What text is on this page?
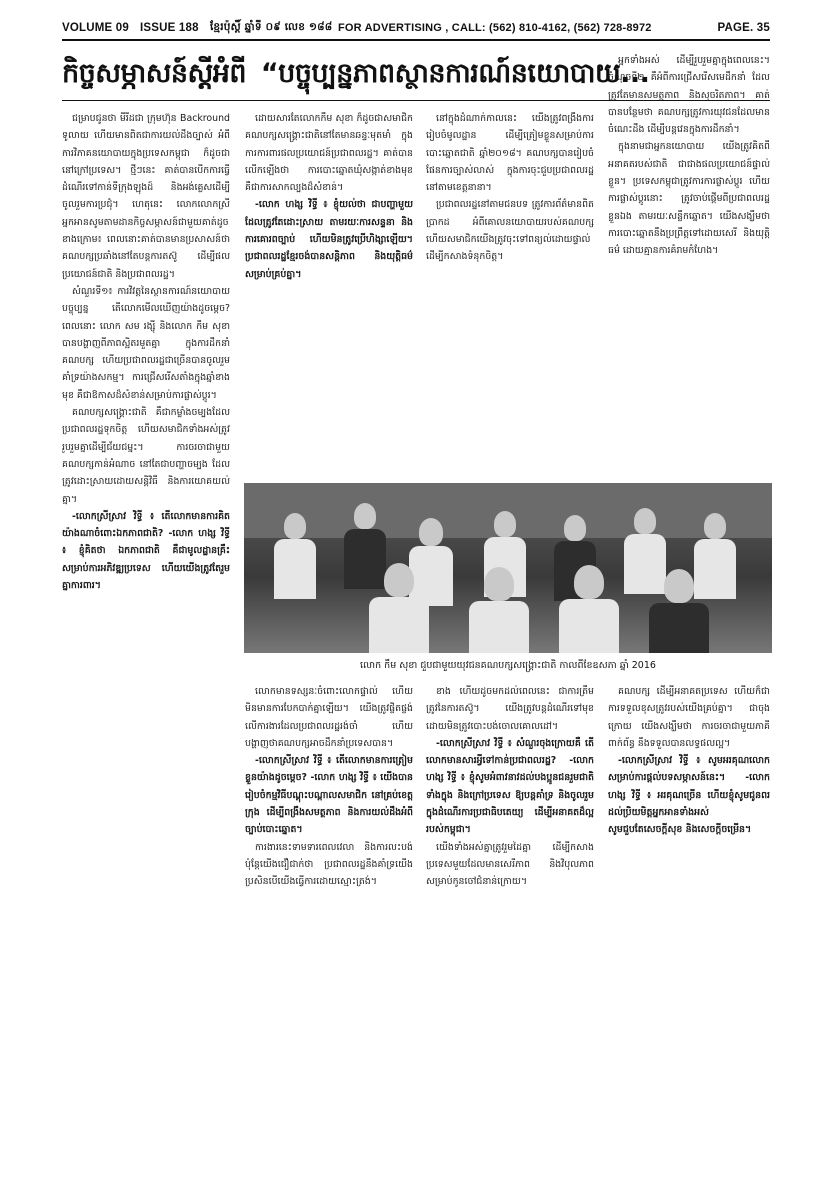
VOLUME 09 ISSUE 188	ខ្មែរប៉ុស្តិ៍ ឆ្នាំទី ០៩ លេខ ១៨៨ FOR ADVERTISING , CALL: (562) 810-4162, (562) 728-8972	PAGE. 35
កិច្ចសម្ភាសន៍ស្តីអំពី “បច្ចុប្បន្នភាពស្ថានការណ៍នយោបាយ...

ជម្រាបជូនថា មីរីដជា ក្រុមហ៊ុន Backround ទូលាយ ហើយមានពិតជាការយល់ដឹងច្បាស់ អំពីការវិភាគនយោបាយក្នុងប្រទេសកម្ពុជា ក៏ដូចជានៅក្រៅប្រទេស។ ថ្មីៗនេះ គាត់បានបើកការធ្វើដំណើរទៅកាន់ទីក្រុងឡុងដ៍ និងអង់គ្លេសដើម្បីចូលរួមការប្រជុំ។ ហេតុនេះ លោកលោកស្រីអ្នកអានសូមតាមដានកិច្ចសម្ភាសន៍ជាមួយគាត់ដូចខាងក្រោម៖ ពេលនោះគាត់បានមានប្រសាសន៍ថា គណបក្សប្រឆាំងនៅតែបន្តការតស៊ូ ដើម្បីផលប្រយោជន៍ជាតិ និងប្រជាពលរដ្ឋ។

សំណួរទី១៖ ការវិវត្តនៃស្ថានការណ៍នយោបាយបច្ចុប្បន្ន តើលោកមើលឃើញយ៉ាងដូចម្តេច? ពេលនោះ លោក សម រង្ស៊ី និងលោក កឹម សុខា បានបង្ហាញពីភាពស្អិតរមួតគ្នា ក្នុងការដឹកនាំគណបក្ស ហើយប្រជាពលរដ្ឋជាច្រើនបានចូលរួមគាំទ្រយ៉ាងសកម្ម។ ការជ្រើសរើសតាំងក្នុងឆ្នាំខាងមុខ គឺជាឱកាសដ៏សំខាន់សម្រាប់ការផ្លាស់ប្តូរ។

គណបក្សសង្គ្រោះជាតិ គឺជាកម្លាំងចម្បងដែលប្រជាពលរដ្ឋទុកចិត្ត ហើយសមាជិកទាំងអស់ត្រូវរួបរួមគ្នាដើម្បីជ័យជម្នះ។ ការចរចាជាមួយគណបក្សកាន់អំណាច នៅតែជាបញ្ហាចម្បង ដែលត្រូវដោះស្រាយដោយសន្តិវិធី និងការយោគយល់គ្នា។

-លោកស្រីស្រាវ វិទ្ធី ៖ តើលោកមានការគិតយ៉ាងណាចំពោះឯកភាពជាតិ? -លោក ហង្ស វិទ្ធី ៖ ខ្ញុំគិតថា ឯកភាពជាតិ គឺជាមូលដ្ឋានគ្រឹះ សម្រាប់ការអភិវឌ្ឍប្រទេស ហើយយើងត្រូវតែរួមគ្នាការពារ។

ដោយសារតែលោកកឹម សុខា ក៏ដូចជាសមាជិកគណបក្សសង្គ្រោះជាតិនៅតែមានឆន្ទៈមុតមាំ ក្នុងការការពារផលប្រយោជន៍ប្រជាពលរដ្ឋ។ គាត់បានលើកឡើងថា ការបោះឆ្នោតឃុំសង្កាត់ខាងមុខ គឺជាការសាកល្បងដ៏សំខាន់។

-លោក ហង្ស វិទ្ធី ៖ ខ្ញុំយល់ថា ជាបញ្ហាមួយដែលត្រូវតែដោះស្រាយ តាមរយៈការសន្ទនា និងការគោរពច្បាប់ ហើយមិនត្រូវប្រើហិង្សាឡើយ។ ប្រជាពលរដ្ឋខ្មែរចង់បានសន្តិភាព និងយុត្តិធម៌ សម្រាប់គ្រប់គ្នា។

នៅក្នុងដំណាក់កាលនេះ យើងត្រូវពង្រឹងការរៀបចំមូលដ្ឋាន ដើម្បីត្រៀមខ្លួនសម្រាប់ការបោះឆ្នោតជាតិ ឆ្នាំ២០១៨។ គណបក្សបានរៀបចំផែនការច្បាស់លាស់ ក្នុងការចុះជួបប្រជាពលរដ្ឋនៅតាមខេត្តនានា។

ប្រជាពលរដ្ឋនៅតាមជនបទ ត្រូវការព័ត៌មានពិតប្រាកដ អំពីគោលនយោបាយរបស់គណបក្ស ហើយសមាជិកយើងត្រូវចុះទៅពន្យល់ដោយផ្ទាល់ ដើម្បីកសាងទំនុកចិត្ត។

អ្នកទាំងអស់ ដើម្បីរួបរួមគ្នាក្នុងពេលនេះ។ ចំណុចទី២ គឺអំពីការជ្រើសរើសមេដឹកនាំ ដែលត្រូវតែមានសមត្ថភាព និងសុចរិតភាព។ គាត់បានបន្ថែមថា គណបក្សត្រូវការយុវជនដែលមានចំណេះដឹង ដើម្បីបន្តវេនក្នុងការដឹកនាំ។

ក្នុងនាមជាអ្នកនយោបាយ យើងត្រូវគិតពីអនាគតរបស់ជាតិ ជាជាងផលប្រយោជន៍ផ្ទាល់ខ្លួន។ ប្រទេសកម្ពុជាត្រូវការការផ្លាស់ប្តូរ ហើយការផ្លាស់ប្តូរនោះ ត្រូវចាប់ផ្តើមពីប្រជាពលរដ្ឋខ្លួនឯង តាមរយៈសន្លឹកឆ្នោត។ យើងសង្ឃឹមថា ការបោះឆ្នោតនឹងប្រព្រឹត្តទៅដោយសេរី និងយុត្តិធម៌ ដោយគ្មានការគំរាមកំហែង។

លោក កឹម សុខា ជួបជាមួយយុវជនគណបក្សសង្គ្រោះជាតិ កាលពីខែឧសភា ឆ្នាំ 2016

លោកមានទស្សនៈចំពោះលោកផ្ទាល់ ហើយមិនមានការបែកបាក់គ្នាឡើយ។ យើងត្រូវផ្ចិតផ្ចង់លើការងារដែលប្រជាពលរដ្ឋរង់ចាំ ហើយបង្ហាញថាគណបក្សអាចដឹកនាំប្រទេសបាន។

-លោកស្រីស្រាវ វិទ្ធី ៖ តើលោកមានការត្រៀមខ្លួនយ៉ាងដូចម្តេច? -លោក ហង្ស វិទ្ធី ៖ យើងបានរៀបចំកម្មវិធីបណ្តុះបណ្តាលសមាជិក នៅគ្រប់ខេត្តក្រុង ដើម្បីពង្រឹងសមត្ថភាព និងការយល់ដឹងអំពីច្បាប់បោះឆ្នោត។

ការងារនេះទាមទារពេលវេលា និងការលះបង់ ប៉ុន្តែយើងជឿជាក់ថា ប្រជាពលរដ្ឋនឹងគាំទ្រយើង ប្រសិនបើយើងធ្វើការដោយស្មោះត្រង់។

ខាង ហើយដូចមកដល់ពេលនេះ ជាការត្រឹមត្រូវនៃការតស៊ូ។ យើងត្រូវបន្តដំណើរទៅមុខ ដោយមិនត្រូវបោះបង់ចោលគោលដៅ។

-លោកស្រីស្រាវ វិទ្ធី ៖ សំណួរចុងក្រោយគឺ តើលោកមានសារអ្វីទៅកាន់ប្រជាពលរដ្ឋ? -លោក ហង្ស វិទ្ធី ៖ ខ្ញុំសូមអំពាវនាវដល់បងប្អូនជនរួមជាតិ ទាំងក្នុង និងក្រៅប្រទេស ឱ្យបន្តគាំទ្រ និងចូលរួមក្នុងដំណើរការប្រជាធិបតេយ្យ ដើម្បីអនាគតដ៏ល្អរបស់កម្ពុជា។

យើងទាំងអស់គ្នាត្រូវរួមដៃគ្នា ដើម្បីកសាងប្រទេសមួយដែលមានសេរីភាព និងវិបុលភាព សម្រាប់កូនចៅជំនាន់ក្រោយ។

គណបក្ស ដើម្បីអនាគតប្រទេស ហើយក៏ជាការទទួលខុសត្រូវរបស់យើងគ្រប់គ្នា។ ជាចុងក្រោយ យើងសង្ឃឹមថា ការចរចាជាមួយភាគីពាក់ព័ន្ធ នឹងទទួលបានលទ្ធផលល្អ។

-លោកស្រីស្រាវ វិទ្ធី ៖ សូមអរគុណលោកសម្រាប់ការផ្តល់បទសម្ភាសន៍នេះ។ -លោក ហង្ស វិទ្ធី ៖ អរគុណច្រើន ហើយខ្ញុំសូមជូនពរដល់ប្រិយមិត្តអ្នកអានទាំងអស់ សូមជួបតែសេចក្តីសុខ និងសេចក្តីចម្រើន។
